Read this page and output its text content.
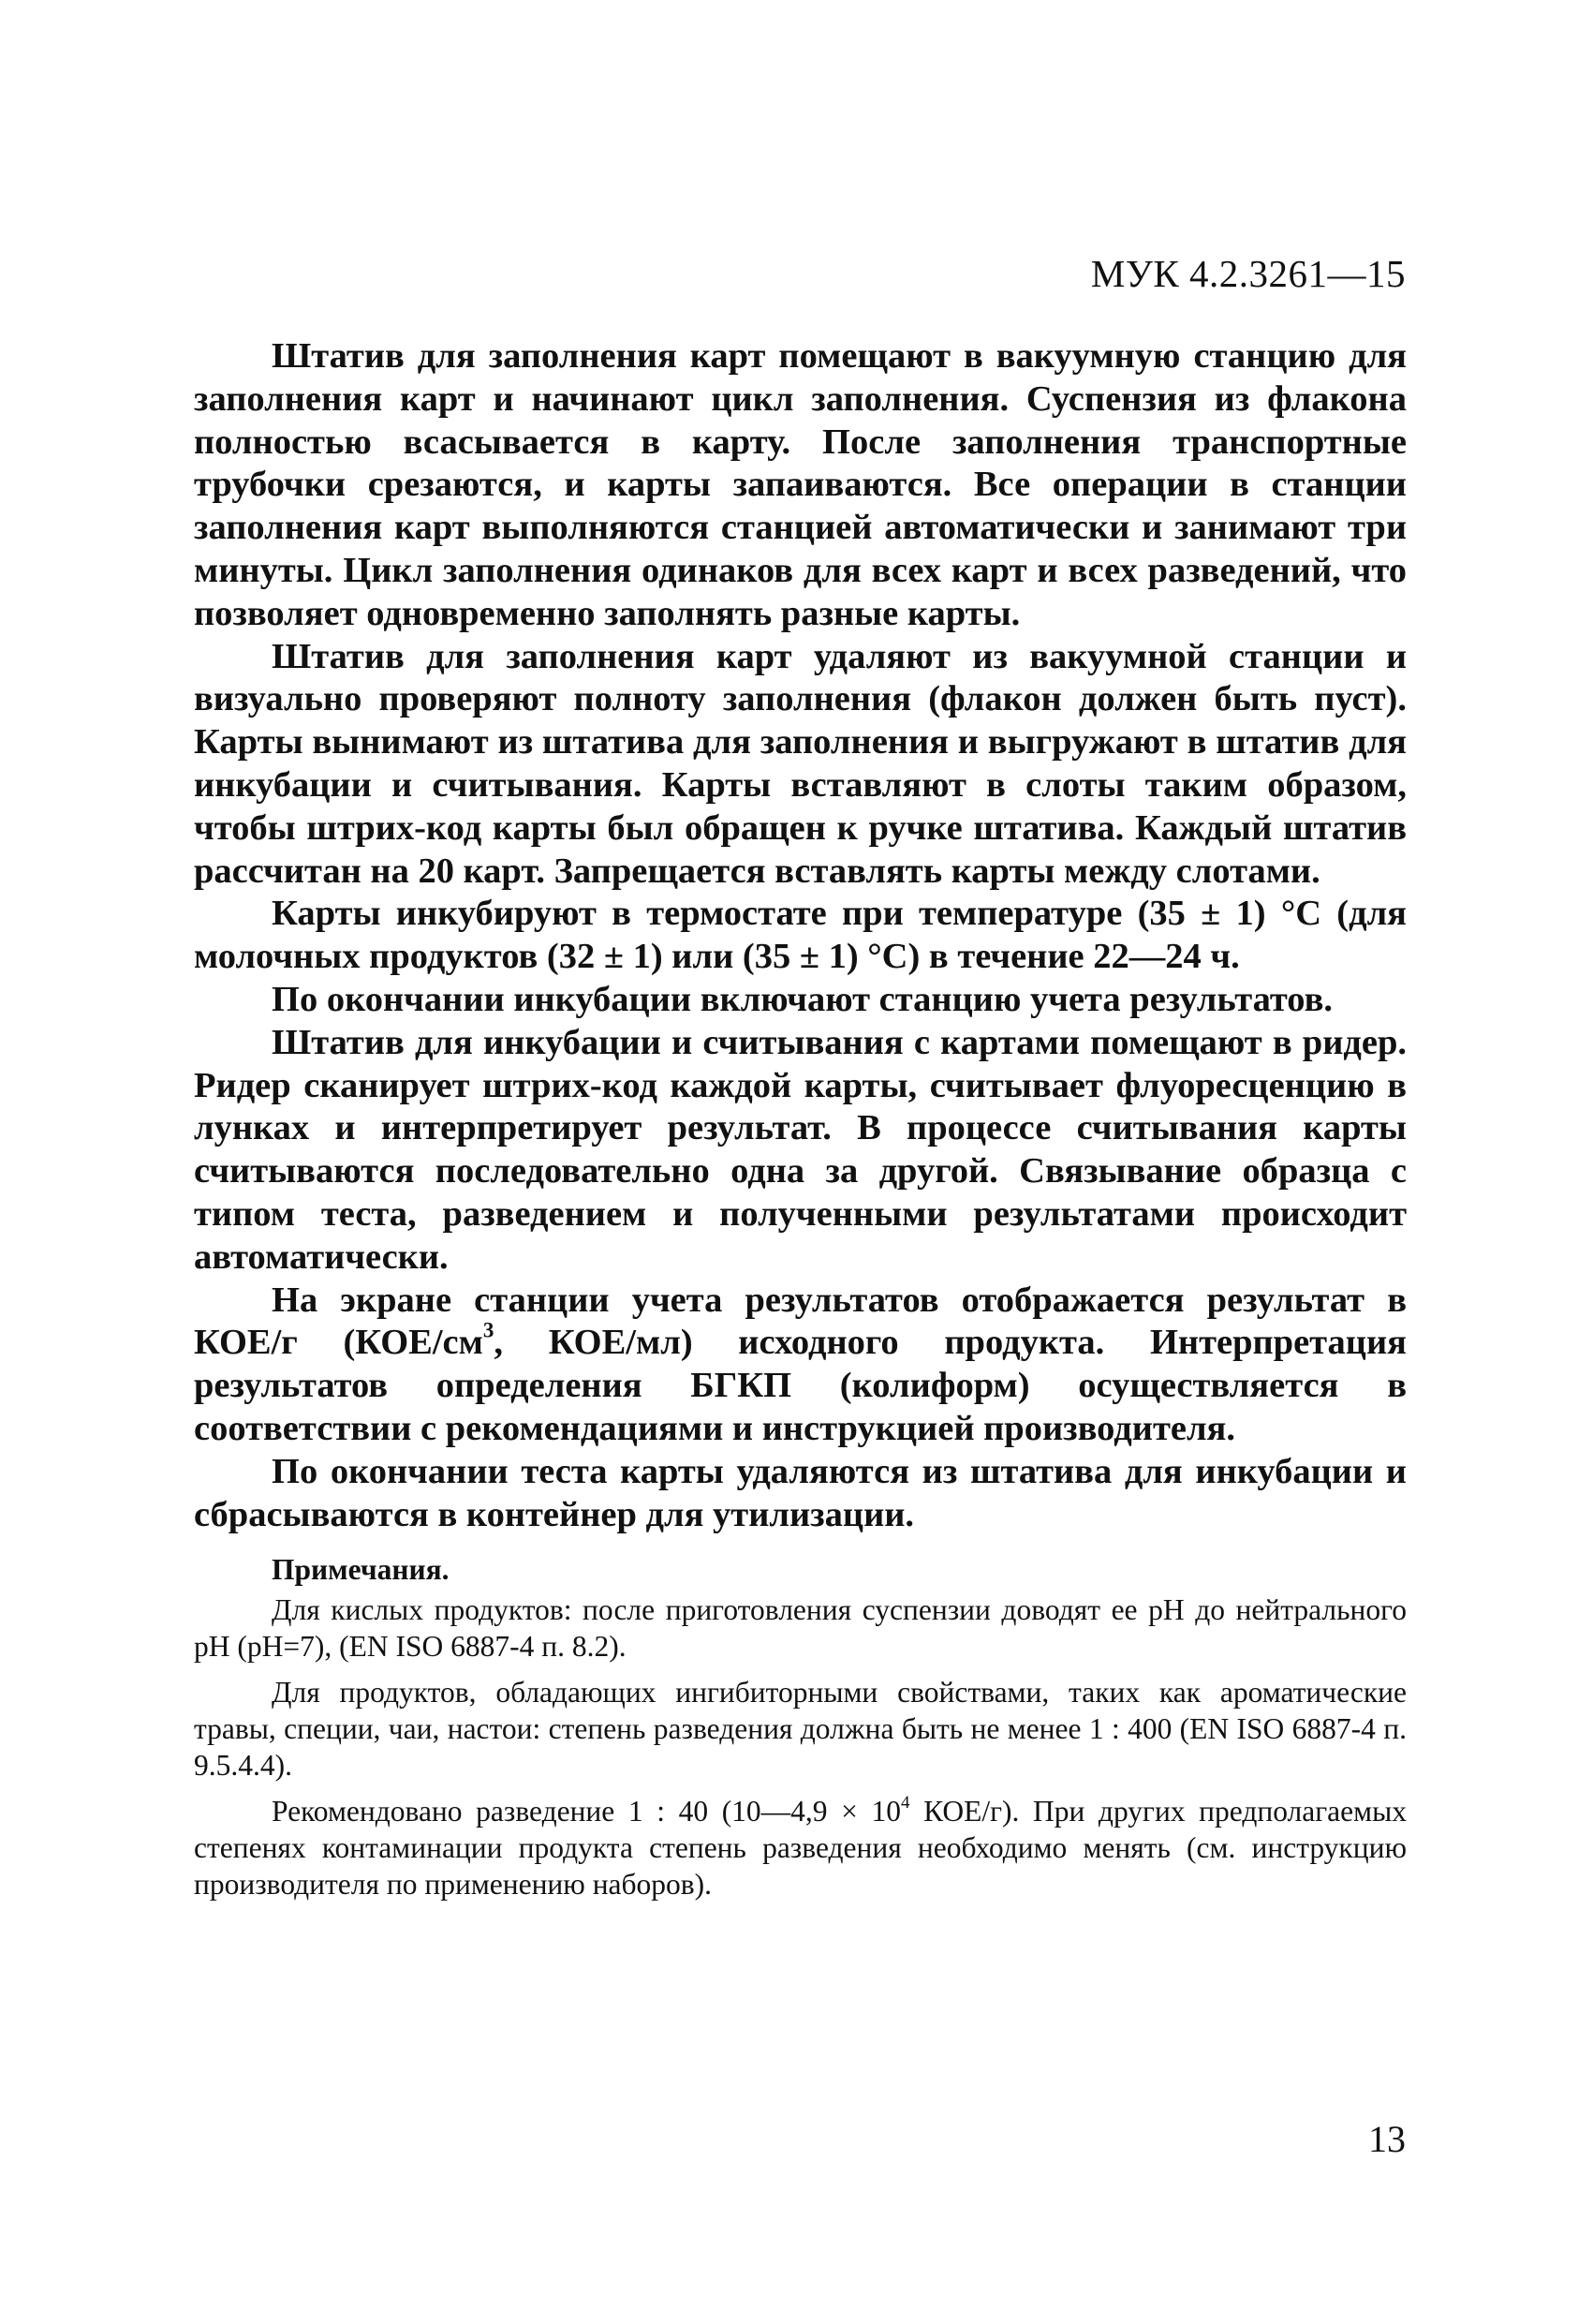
МУК 4.2.3261—15

Штатив для заполнения карт помещают в вакуумную станцию для заполнения карт и начинают цикл заполнения. Суспензия из флакона полностью всасывается в карту. После заполнения транспортные трубочки срезаются, и карты запаиваются. Все операции в станции заполнения карт выполняются станцией автоматически и занимают три минуты. Цикл заполнения одинаков для всех карт и всех разведений, что позволяет одновременно заполнять разные карты.

Штатив для заполнения карт удаляют из вакуумной станции и визуально проверяют полноту заполнения (флакон должен быть пуст). Карты вынимают из штатива для заполнения и выгружают в штатив для инкубации и считывания. Карты вставляют в слоты таким образом, чтобы штрих-код карты был обращен к ручке штатива. Каждый штатив рассчитан на 20 карт. Запрещается вставлять карты между слотами.

Карты инкубируют в термостате при температуре (35 ± 1) °С (для молочных продуктов (32 ± 1) или (35 ± 1) °С) в течение 22—24 ч.

По окончании инкубации включают станцию учета результатов.

Штатив для инкубации и считывания с картами помещают в ридер. Ридер сканирует штрих-код каждой карты, считывает флуоресценцию в лунках и интерпретирует результат. В процессе считывания карты считываются последовательно одна за другой. Связывание образца с типом теста, разведением и полученными результатами происходит автоматически.

На экране станции учета результатов отображается результат в КОЕ/г ($КОЕ/см^3$, КОЕ/мл) исходного продукта. Интерпретация результатов определения БГКП (колиформ) осуществляется в соответствии с рекомендациями и инструкцией производителя.

По окончании теста карты удаляются из штатива для инкубации и сбрасываются в контейнер для утилизации.

Примечания.

Для кислых продуктов: после приготовления суспензии доводят ее pH до нейтрального pH (pH=7), (EN ISO 6887-4 п. 8.2).

Для продуктов, обладающих ингибиторными свойствами, таких как ароматические травы, специи, чаи, настои: степень разведения должна быть не менее 1 : 400 (EN ISO 6887-4 п. 9.5.4.4).

Рекомендовано разведение 1 : 40 (10—4,9 × $10^4$ КОЕ/г). При других предполагаемых степенях контаминации продукта степень разведения необходимо менять (см. инструкцию производителя по применению наборов).

13
